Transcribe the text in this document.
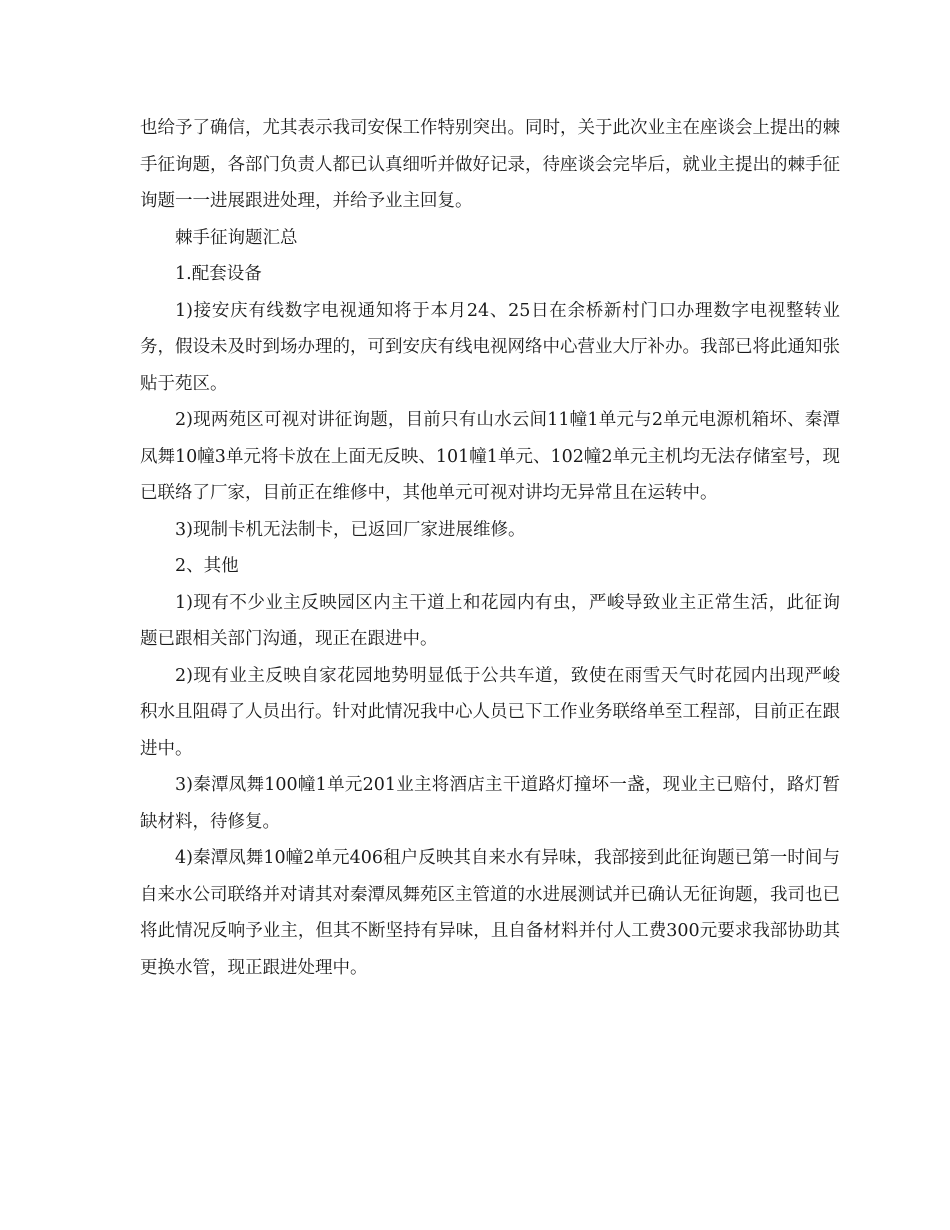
也给予了确信，尤其表示我司安保工作特别突出。同时，关于此次业主在座谈会上提出的棘手征询题，各部门负责人都已认真细听并做好记录，待座谈会完毕后，就业主提出的棘手征询题一一进展跟进处理，并给予业主回复。

棘手征询题汇总

1.配套设备

1)接安庆有线数字电视通知将于本月24、25日在余桥新村门口办理数字电视整转业务，假设未及时到场办理的，可到安庆有线电视网络中心营业大厅补办。我部已将此通知张贴于苑区。

2)现两苑区可视对讲征询题，目前只有山水云间11幢1单元与2单元电源机箱坏、秦潭凤舞10幢3单元将卡放在上面无反映、101幢1单元、102幢2单元主机均无法存储室号，现已联络了厂家，目前正在维修中，其他单元可视对讲均无异常且在运转中。

3)现制卡机无法制卡，已返回厂家进展维修。

2、其他

1)现有不少业主反映园区内主干道上和花园内有虫，严峻导致业主正常生活，此征询题已跟相关部门沟通，现正在跟进中。

2)现有业主反映自家花园地势明显低于公共车道，致使在雨雪天气时花园内出现严峻积水且阻碍了人员出行。针对此情况我中心人员已下工作业务联络单至工程部，目前正在跟进中。

3)秦潭凤舞100幢1单元201业主将酒店主干道路灯撞坏一盏，现业主已赔付，路灯暂缺材料，待修复。

4)秦潭凤舞10幢2单元406租户反映其自来水有异味，我部接到此征询题已第一时间与自来水公司联络并对请其对秦潭凤舞苑区主管道的水进展测试并已确认无征询题，我司也已将此情况反响予业主，但其不断坚持有异味，且自备材料并付人工费300元要求我部协助其更换水管，现正跟进处理中。
